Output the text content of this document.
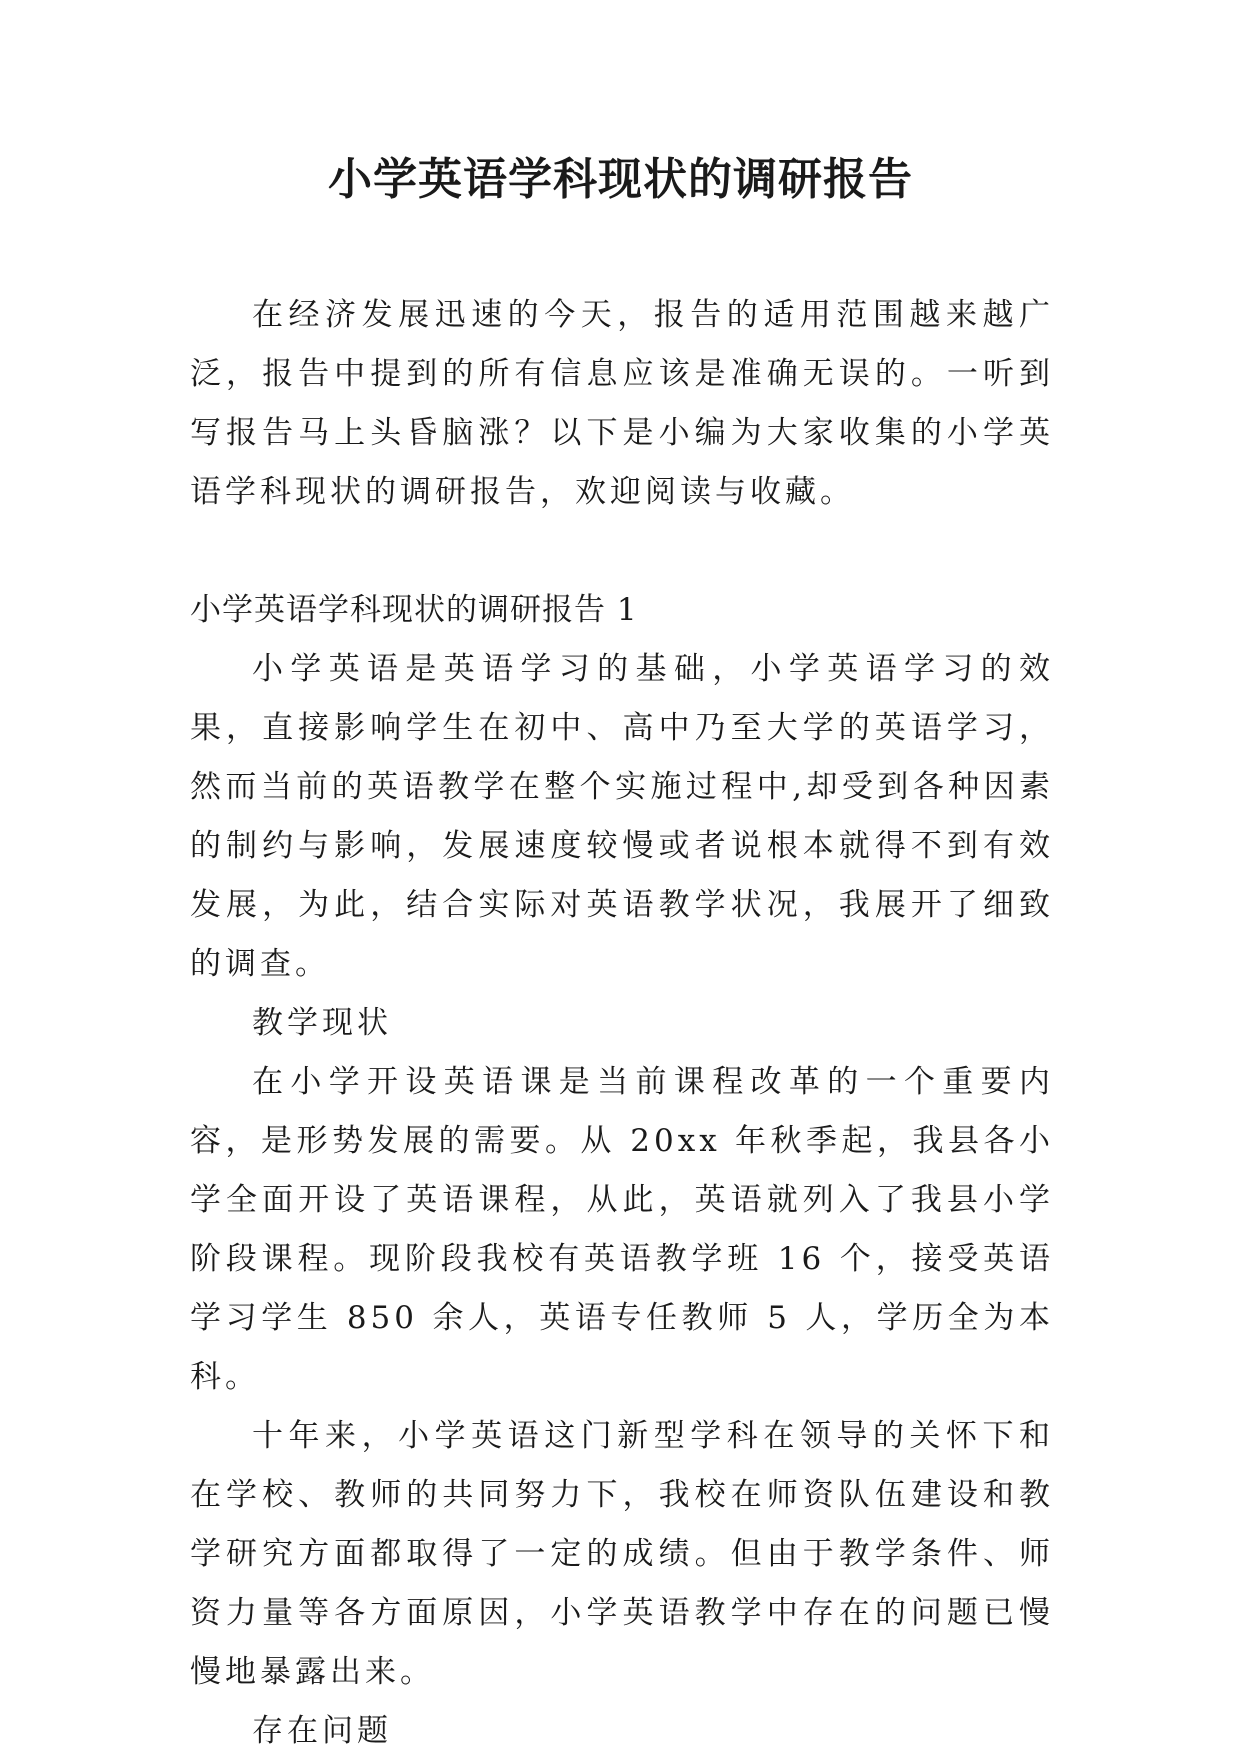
小学英语学科现状的调研报告

在经济发展迅速的今天，报告的适用范围越来越广泛，报告中提到的所有信息应该是准确无误的。一听到写报告马上头昏脑涨？以下是小编为大家收集的小学英语学科现状的调研报告，欢迎阅读与收藏。

小学英语学科现状的调研报告 1

小学英语是英语学习的基础，小学英语学习的效果，直接影响学生在初中、高中乃至大学的英语学习，然而当前的英语教学在整个实施过程中,却受到各种因素的制约与影响，发展速度较慢或者说根本就得不到有效发展，为此，结合实际对英语教学状况，我展开了细致的调查。

教学现状

在小学开设英语课是当前课程改革的一个重要内容，是形势发展的需要。从 20xx 年秋季起，我县各小学全面开设了英语课程，从此，英语就列入了我县小学阶段课程。现阶段我校有英语教学班 16 个，接受英语学习学生 850 余人，英语专任教师 5 人，学历全为本科。

十年来，小学英语这门新型学科在领导的关怀下和在学校、教师的共同努力下，我校在师资队伍建设和教学研究方面都取得了一定的成绩。但由于教学条件、师资力量等各方面原因，小学英语教学中存在的问题已慢慢地暴露出来。

存在问题
